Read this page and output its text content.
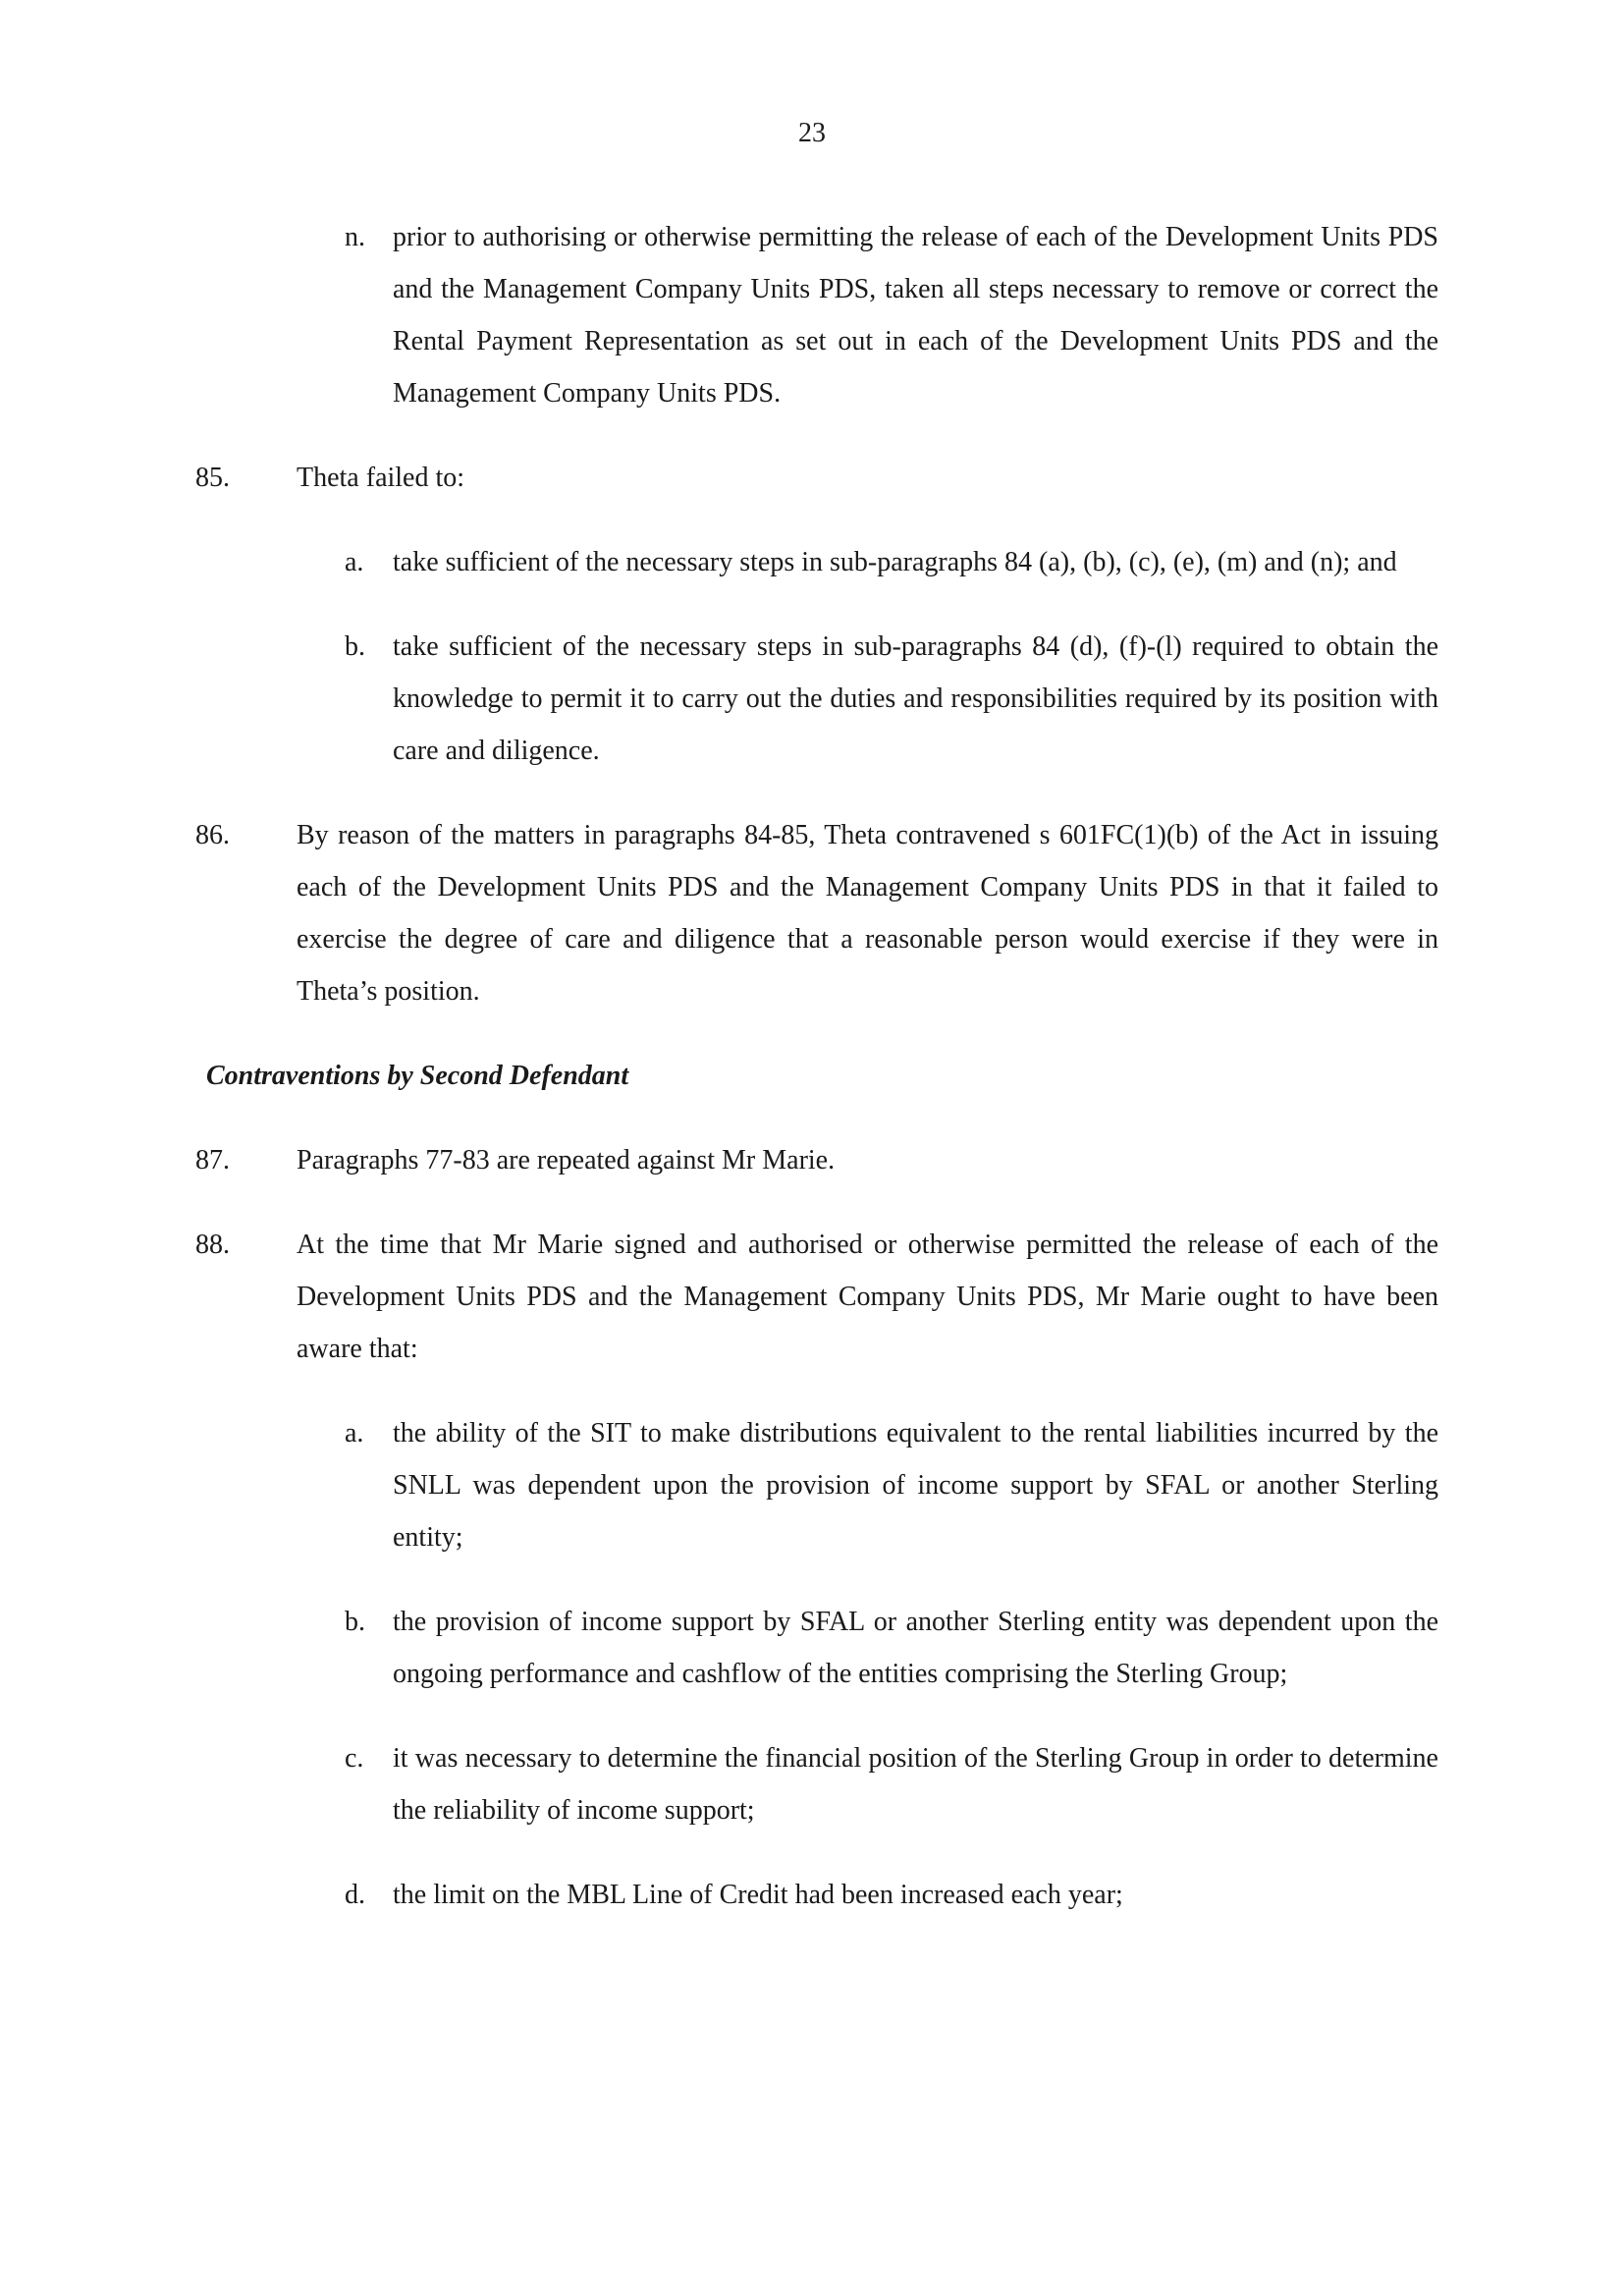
23
n. prior to authorising or otherwise permitting the release of each of the Development Units PDS and the Management Company Units PDS, taken all steps necessary to remove or correct the Rental Payment Representation as set out in each of the Development Units PDS and the Management Company Units PDS.
85. Theta failed to:
a. take sufficient of the necessary steps in sub-paragraphs 84 (a), (b), (c), (e), (m) and (n); and
b. take sufficient of the necessary steps in sub-paragraphs 84 (d), (f)-(l) required to obtain the knowledge to permit it to carry out the duties and responsibilities required by its position with care and diligence.
86. By reason of the matters in paragraphs 84-85, Theta contravened s 601FC(1)(b) of the Act in issuing each of the Development Units PDS and the Management Company Units PDS in that it failed to exercise the degree of care and diligence that a reasonable person would exercise if they were in Theta’s position.
Contraventions by Second Defendant
87. Paragraphs 77-83 are repeated against Mr Marie.
88. At the time that Mr Marie signed and authorised or otherwise permitted the release of each of the Development Units PDS and the Management Company Units PDS, Mr Marie ought to have been aware that:
a. the ability of the SIT to make distributions equivalent to the rental liabilities incurred by the SNLL was dependent upon the provision of income support by SFAL or another Sterling entity;
b. the provision of income support by SFAL or another Sterling entity was dependent upon the ongoing performance and cashflow of the entities comprising the Sterling Group;
c. it was necessary to determine the financial position of the Sterling Group in order to determine the reliability of income support;
d. the limit on the MBL Line of Credit had been increased each year;
